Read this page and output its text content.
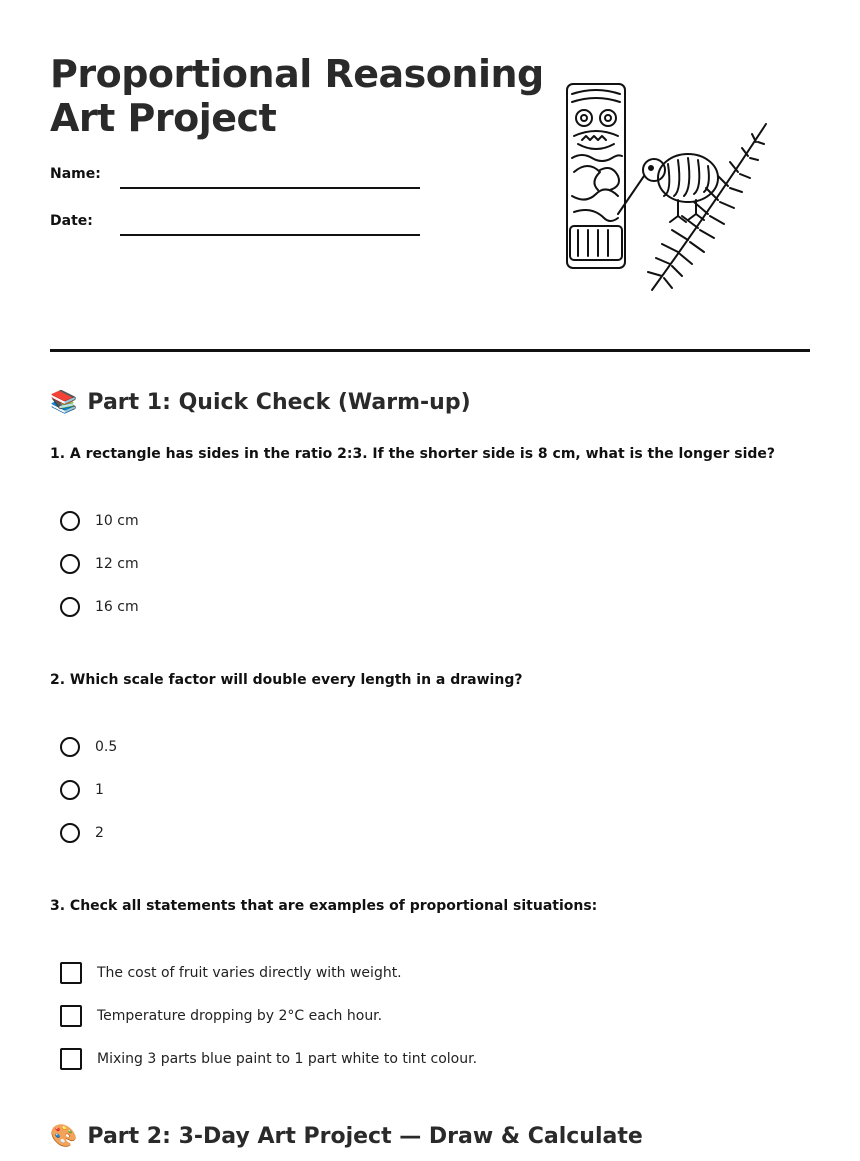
Proportional Reasoning
Art Project
Name:
Date:
📚 Part 1: Quick Check (Warm-up)
1. A rectangle has sides in the ratio 2:3. If the shorter side is 8 cm, what is the longer side?
10 cm
12 cm
16 cm
2. Which scale factor will double every length in a drawing?
0.5
1
2
3. Check all statements that are examples of proportional situations:
The cost of fruit varies directly with weight.
Temperature dropping by 2°C each hour.
Mixing 3 parts blue paint to 1 part white to tint colour.
🎨 Part 2: 3-Day Art Project — Draw & Calculate
